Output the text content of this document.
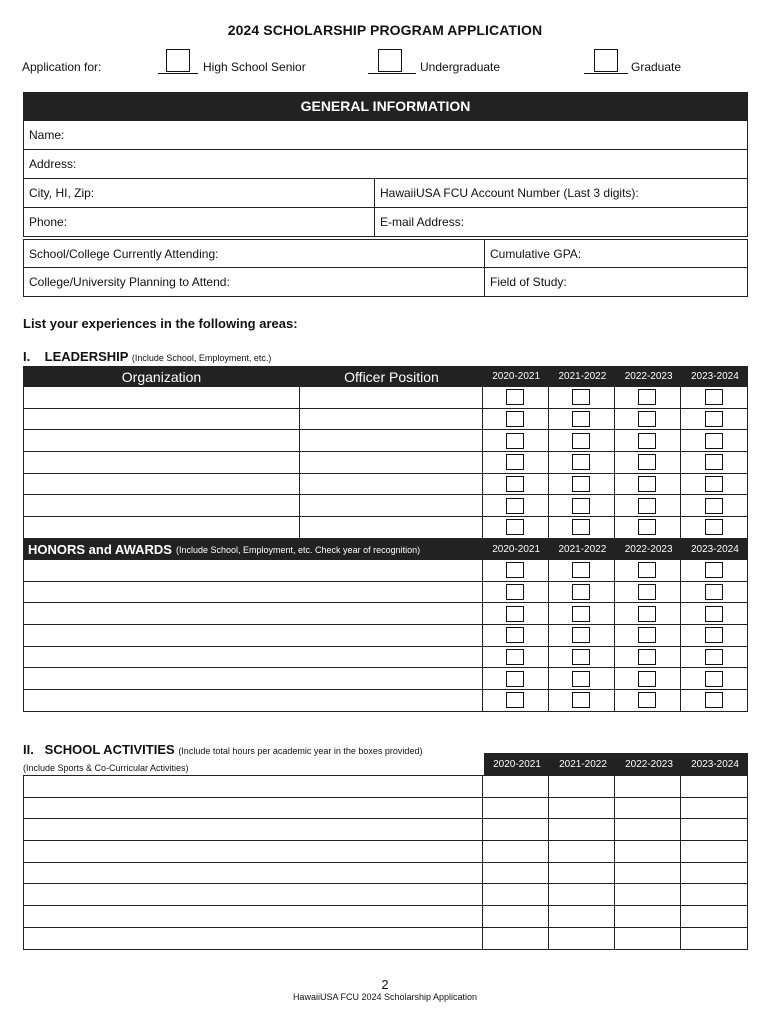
2024 SCHOLARSHIP PROGRAM APPLICATION
Application for:	High School Senior	Undergraduate	Graduate
GENERAL INFORMATION
Name:
Address:
City, HI, Zip:	HawaiiUSA FCU Account Number (Last 3 digits):
Phone:	E-mail Address:
School/College Currently Attending:	Cumulative GPA:
College/University Planning to Attend:	Field of Study:
List your experiences in the following areas:
I.    LEADERSHIP (Include School, Employment, etc.)
Organization	Officer Position	2020-2021	2021-2022	2022-2023	2023-2024
HONORS and AWARDS (Include School, Employment, etc. Check year of recognition)	2020-2021	2021-2022	2022-2023	2023-2024
II.   SCHOOL ACTIVITIES (Include total hours per academic year in the boxes provided)
(Include Sports & Co-Curricular Activities)	2020-2021	2021-2022	2022-2023	2023-2024
2
HawaiiUSA FCU 2024 Scholarship Application
